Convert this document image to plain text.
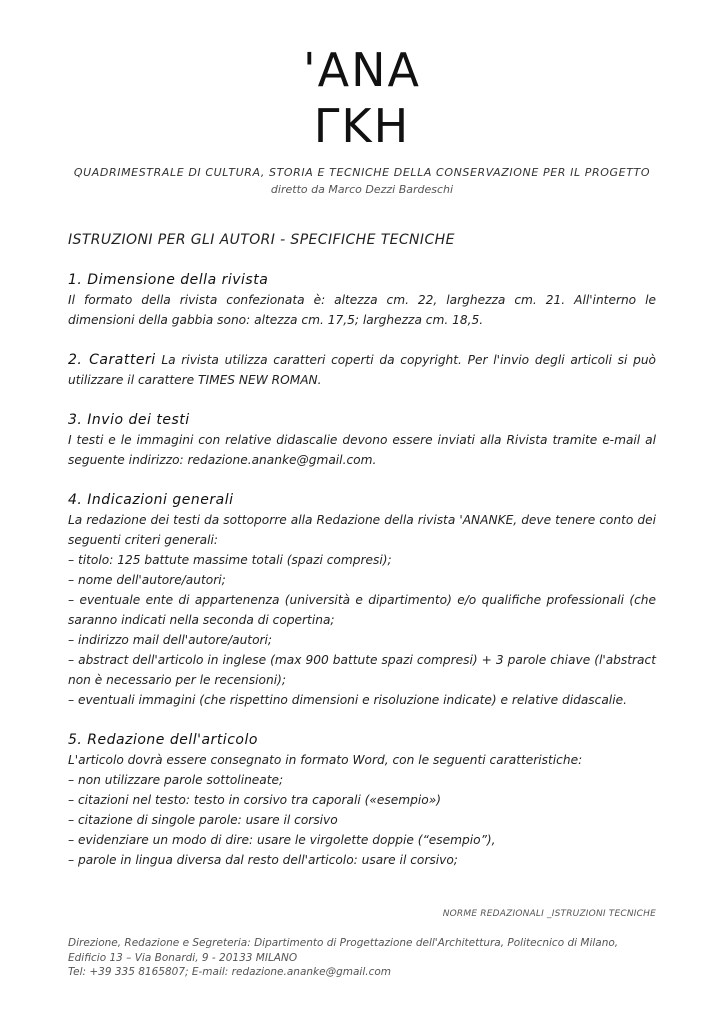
'ANA
ΓΚΗ
QUADRIMESTRALE DI CULTURA, STORIA E TECNICHE DELLA CONSERVAZIONE PER IL PROGETTO
diretto da Marco Dezzi Bardeschi
ISTRUZIONI PER GLI AUTORI - SPECIFICHE TECNICHE
1. Dimensione della rivista

Il formato della rivista confezionata è: altezza cm. 22, larghezza cm. 21. All'interno le dimensioni della gabbia sono: altezza cm. 17,5; larghezza cm. 18,5.

2. Caratteri La rivista utilizza caratteri coperti da copyright. Per l'invio degli articoli si può utilizzare il carattere TIMES NEW ROMAN.

3. Invio dei testi

I testi e le immagini con relative didascalie devono essere inviati alla Rivista tramite e-mail al seguente indirizzo: redazione.ananke@gmail.com.

4. Indicazioni generali

La redazione dei testi da sottoporre alla Redazione della rivista 'ANANKE, deve tenere conto dei seguenti criteri generali:

– titolo: 125 battute massime totali (spazi compresi);

– nome dell'autore/autori;

– eventuale ente di appartenenza (università e dipartimento) e/o qualifiche professionali (che saranno indicati nella seconda di copertina;

– indirizzo mail dell'autore/autori;

– abstract dell'articolo in inglese (max 900 battute spazi compresi) + 3 parole chiave (l'abstract non è necessario per le recensioni);

– eventuali immagini (che rispettino dimensioni e risoluzione indicate) e relative didascalie.

5. Redazione dell'articolo

L'articolo dovrà essere consegnato in formato Word, con le seguenti caratteristiche:

– non utilizzare parole sottolineate;

– citazioni nel testo: testo in corsivo tra caporali («esempio»)

– citazione di singole parole: usare il corsivo

– evidenziare un modo di dire: usare le virgolette doppie (“esempio”),

– parole in lingua diversa dal resto dell'articolo: usare il corsivo;

NORME REDAZIONALI _ISTRUZIONI TECNICHE
Direzione, Redazione e Segreteria: Dipartimento di Progettazione dell'Architettura, Politecnico di Milano,
Edificio 13 – Via Bonardi, 9 - 20133 MILANO
Tel: +39 335 8165807; E-mail: redazione.ananke@gmail.com
